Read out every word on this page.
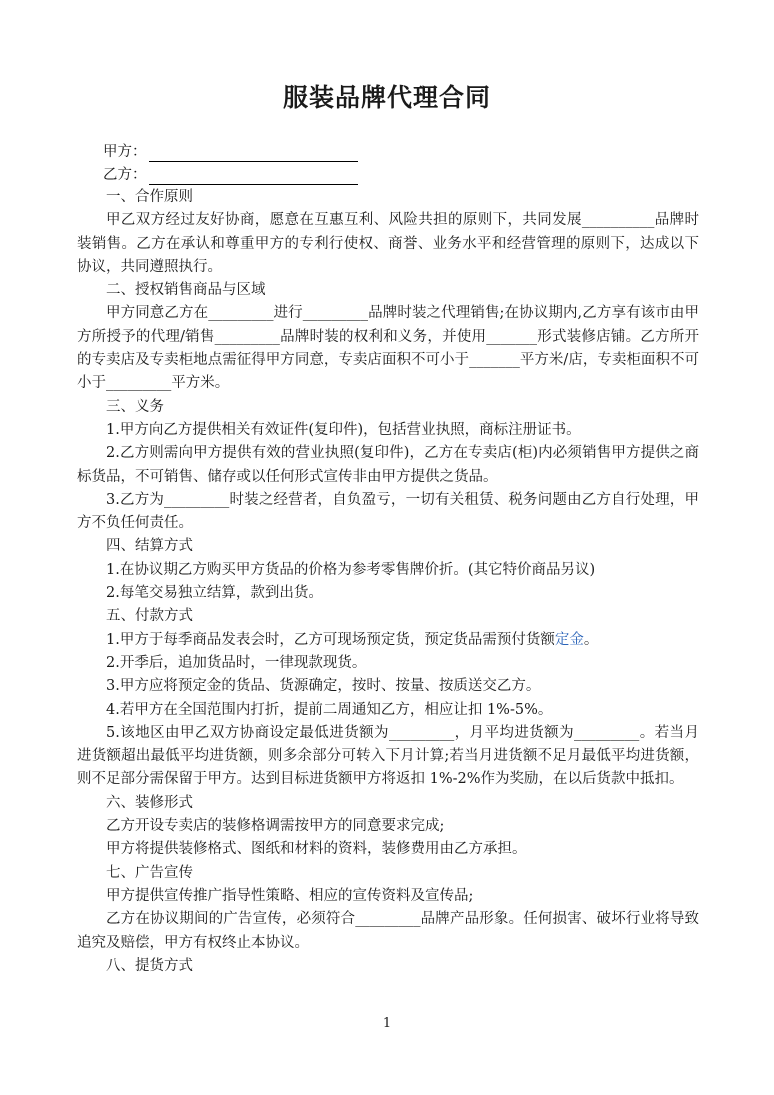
服装品牌代理合同
甲方：
乙方：

一、合作原则

甲乙双方经过友好协商，愿意在互惠互利、风险共担的原则下，共同发展__________品牌时装销售。乙方在承认和尊重甲方的专利行使权、商誉、业务水平和经营管理的原则下，达成以下协议，共同遵照执行。

二、授权销售商品与区域

甲方同意乙方在_________进行_________品牌时装之代理销售;在协议期内,乙方享有该市由甲方所授予的代理/销售_________品牌时装的权利和义务，并使用_______形式装修店铺。乙方所开的专卖店及专卖柜地点需征得甲方同意，专卖店面积不可小于_______平方米/店，专卖柜面积不可小于_________平方米。

三、义务

1.甲方向乙方提供相关有效证件(复印件)，包括营业执照，商标注册证书。

2.乙方则需向甲方提供有效的营业执照(复印件)，乙方在专卖店(柜)内必须销售甲方提供之商标货品，不可销售、储存或以任何形式宣传非由甲方提供之货品。

3.乙方为_________时装之经营者，自负盈亏，一切有关租赁、税务问题由乙方自行处理，甲方不负任何责任。

四、结算方式

1.在协议期乙方购买甲方货品的价格为参考零售牌价折。(其它特价商品另议)

2.每笔交易独立结算，款到出货。

五、付款方式

1.甲方于每季商品发表会时，乙方可现场预定货，预定货品需预付货额定金。

2.开季后，追加货品时，一律现款现货。

3.甲方应将预定金的货品、货源确定，按时、按量、按质送交乙方。

4.若甲方在全国范围内打折，提前二周通知乙方，相应让扣 1%-5%。

5.该地区由甲乙双方协商设定最低进货额为_________，月平均进货额为_________。若当月进货额超出最低平均进货额，则多余部分可转入下月计算;若当月进货额不足月最低平均进货额，则不足部分需保留于甲方。达到目标进货额甲方将返扣 1%-2%作为奖励，在以后货款中抵扣。

六、装修形式

乙方开设专卖店的装修格调需按甲方的同意要求完成;

甲方将提供装修格式、图纸和材料的资料，装修费用由乙方承担。

七、广告宣传

甲方提供宣传推广指导性策略、相应的宣传资料及宣传品;

乙方在协议期间的广告宣传，必须符合_________品牌产品形象。任何损害、破坏行业将导致追究及赔偿，甲方有权终止本协议。

八、提货方式

1
